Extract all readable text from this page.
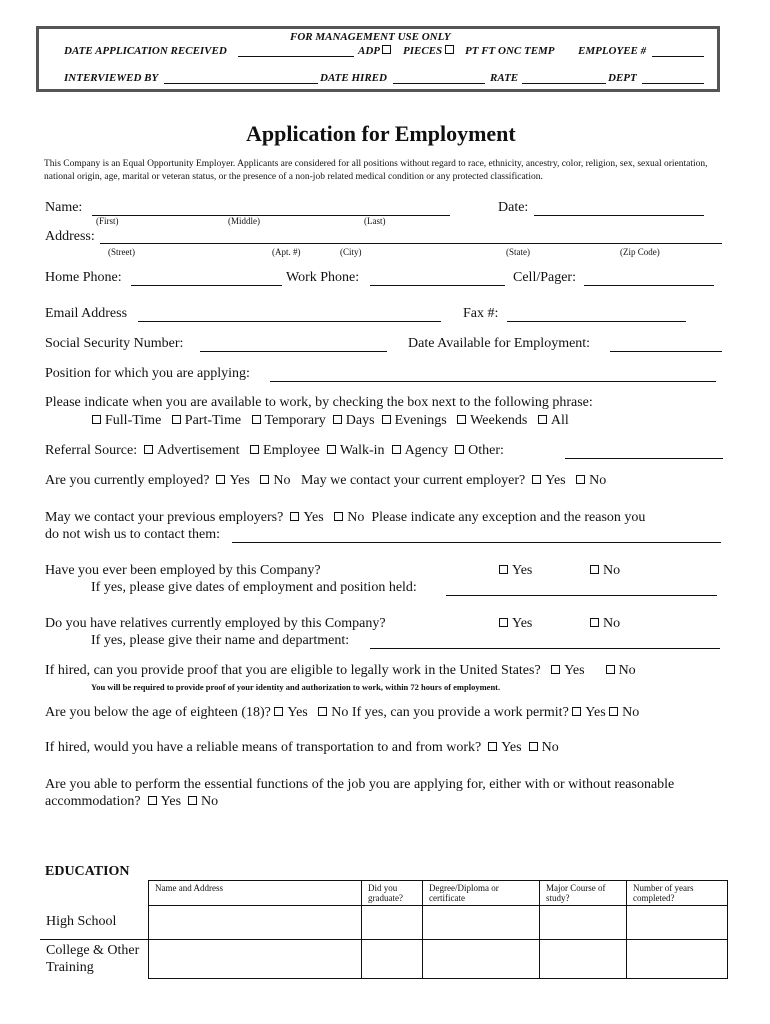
FOR MANAGEMENT USE ONLY
DATE APPLICATION RECEIVED	ADP	PIECES	PT FT ONC TEMP EMPLOYEE #
INTERVIEWED BY	DATE HIRED	RATE	DEPT
Application for Employment
This Company is an Equal Opportunity Employer. Applicants are considered for all positions without regard to race, ethnicity, ancestry, color, religion, sex, sexual orientation, national origin, age, marital or veteran status, or the presence of a non-job related medical condition or any protected classification.
Name:
(First)	(Middle)	(Last)
Date:
Address:
(Street)	(Apt. #)	(City)	(State)	(Zip Code)
Home Phone:	Work Phone:	Cell/Pager:
Email Address	Fax #:
Social Security Number:	Date Available for Employment:
Position for which you are applying:
Please indicate when you are available to work, by checking the box next to the following phrase:
Full-Time Part-Time Temporary Days Evenings Weekends All
Referral Source: Advertisement Employee Walk-in Agency Other:
Are you currently employed? Yes No May we contact your current employer? Yes No
May we contact your previous employers? Yes No Please indicate any exception and the reason you
do not wish us to contact them:
Have you ever been employed by this Company?	Yes	No
If yes, please give dates of employment and position held:
Do you have relatives currently employed by this Company?	Yes	No
If yes, please give their name and department:
If hired, can you provide proof that you are eligible to legally work in the United States? Yes No
You will be required to provide proof of your identity and authorization to work, within 72 hours of employment.
Are you below the age of eighteen (18)? Yes No If yes, can you provide a work permit? Yes No
If hired, would you have a reliable means of transportation to and from work? Yes No
Are you able to perform the essential functions of the job you are applying for, either with or without reasonable
accommodation? Yes No
EDUCATION
	Name and Address	Did you graduate?	Degree/Diploma or certificate	Major Course of study?	Number of years completed?
High School					
College & Other Training					
